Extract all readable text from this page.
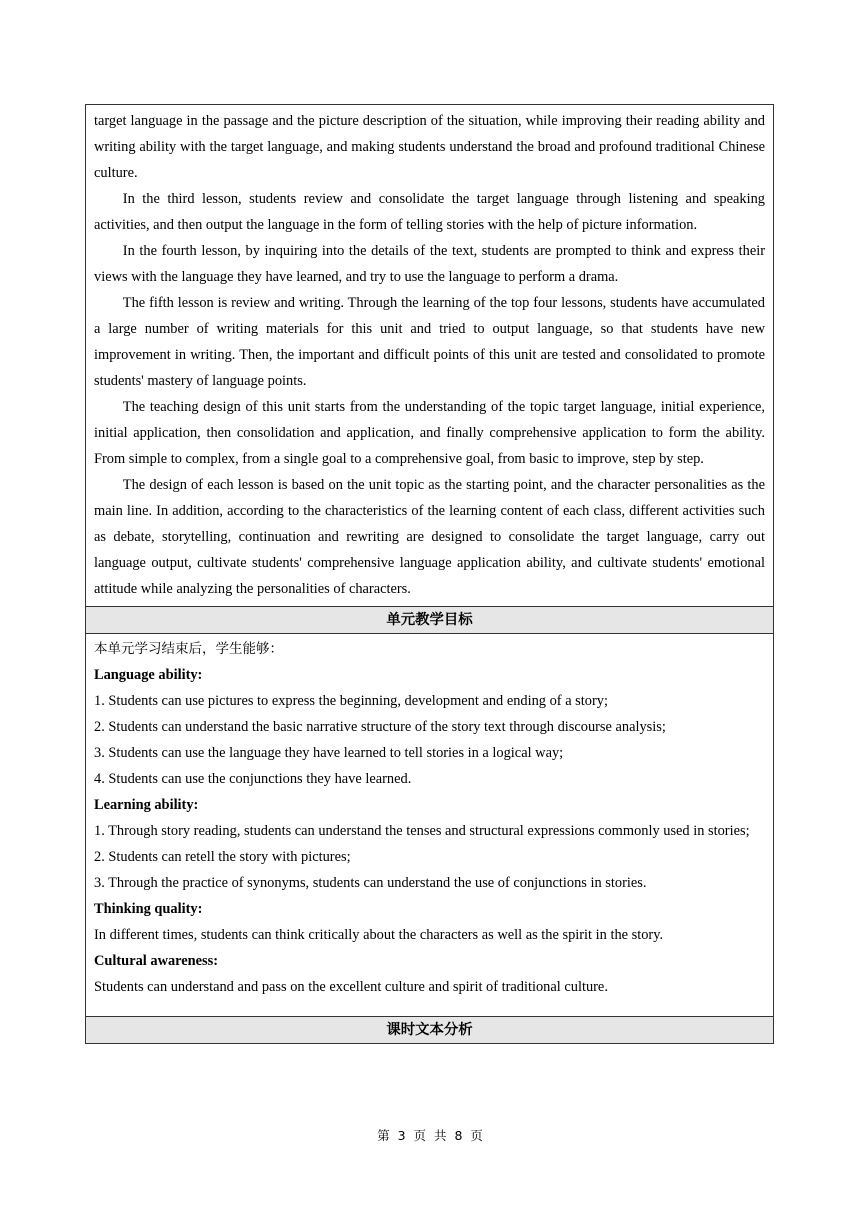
target language in the passage and the picture description of the situation, while improving their reading ability and writing ability with the target language, and making students understand the broad and profound traditional Chinese culture.

In the third lesson, students review and consolidate the target language through listening and speaking activities, and then output the language in the form of telling stories with the help of picture information.

In the fourth lesson, by inquiring into the details of the text, students are prompted to think and express their views with the language they have learned, and try to use the language to perform a drama.

The fifth lesson is review and writing. Through the learning of the top four lessons, students have accumulated a large number of writing materials for this unit and tried to output language, so that students have new improvement in writing. Then, the important and difficult points of this unit are tested and consolidated to promote students' mastery of language points.

The teaching design of this unit starts from the understanding of the topic target language, initial experience, initial application, then consolidation and application, and finally comprehensive application to form the ability. From simple to complex, from a single goal to a comprehensive goal, from basic to improve, step by step.

The design of each lesson is based on the unit topic as the starting point, and the character personalities as the main line. In addition, according to the characteristics of the learning content of each class, different activities such as debate, storytelling, continuation and rewriting are designed to consolidate the target language, carry out language output, cultivate students' comprehensive language application ability, and cultivate students' emotional attitude while analyzing the personalities of characters.

单元教学目标

本单元学习结束后，学生能够：

Language ability:

1. Students can use pictures to express the beginning, development and ending of a story;

2. Students can understand the basic narrative structure of the story text through discourse analysis;

3. Students can use the language they have learned to tell stories in a logical way;

4. Students can use the conjunctions they have learned.

Learning ability:

1. Through story reading, students can understand the tenses and structural expressions commonly used in stories;

2. Students can retell the story with pictures;

3. Through the practice of synonyms, students can understand the use of conjunctions in stories.

Thinking quality:

In different times, students can think critically about the characters as well as the spirit in the story.

Cultural awareness:

Students can understand and pass on the excellent culture and spirit of traditional culture.

课时文本分析
第 3 页 共 8 页
